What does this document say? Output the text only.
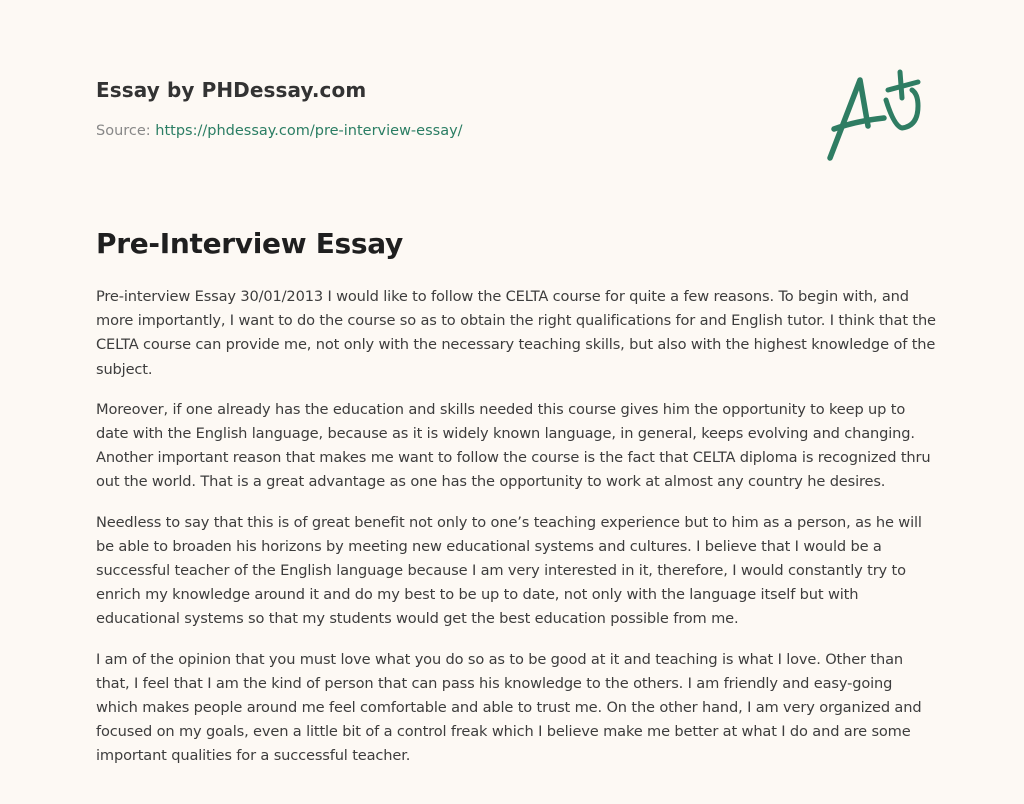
Essay by PHDessay.com
Source: https://phdessay.com/pre-interview-essay/
Pre-Interview Essay

Pre-interview Essay 30/01/2013 I would like to follow the CELTA course for quite a few reasons. To begin with, and more importantly, I want to do the course so as to obtain the right qualifications for and English tutor. I think that the CELTA course can provide me, not only with the necessary teaching skills, but also with the highest knowledge of the subject.

Moreover, if one already has the education and skills needed this course gives him the opportunity to keep up to date with the English language, because as it is widely known language, in general, keeps evolving and changing. Another important reason that makes me want to follow the course is the fact that CELTA diploma is recognized thru out the world. That is a great advantage as one has the opportunity to work at almost any country he desires.

Needless to say that this is of great benefit not only to one’s teaching experience but to him as a person, as he will be able to broaden his horizons by meeting new educational systems and cultures. I believe that I would be a successful teacher of the English language because I am very interested in it, therefore, I would constantly try to enrich my knowledge around it and do my best to be up to date, not only with the language itself but with educational systems so that my students would get the best education possible from me.

I am of the opinion that you must love what you do so as to be good at it and teaching is what I love. Other than that, I feel that I am the kind of person that can pass his knowledge to the others. I am friendly and easy-going which makes people around me feel comfortable and able to trust me. On the other hand, I am very organized and focused on my goals, even a little bit of a control freak which I believe make me better at what I do and are some important qualities for a successful teacher.
